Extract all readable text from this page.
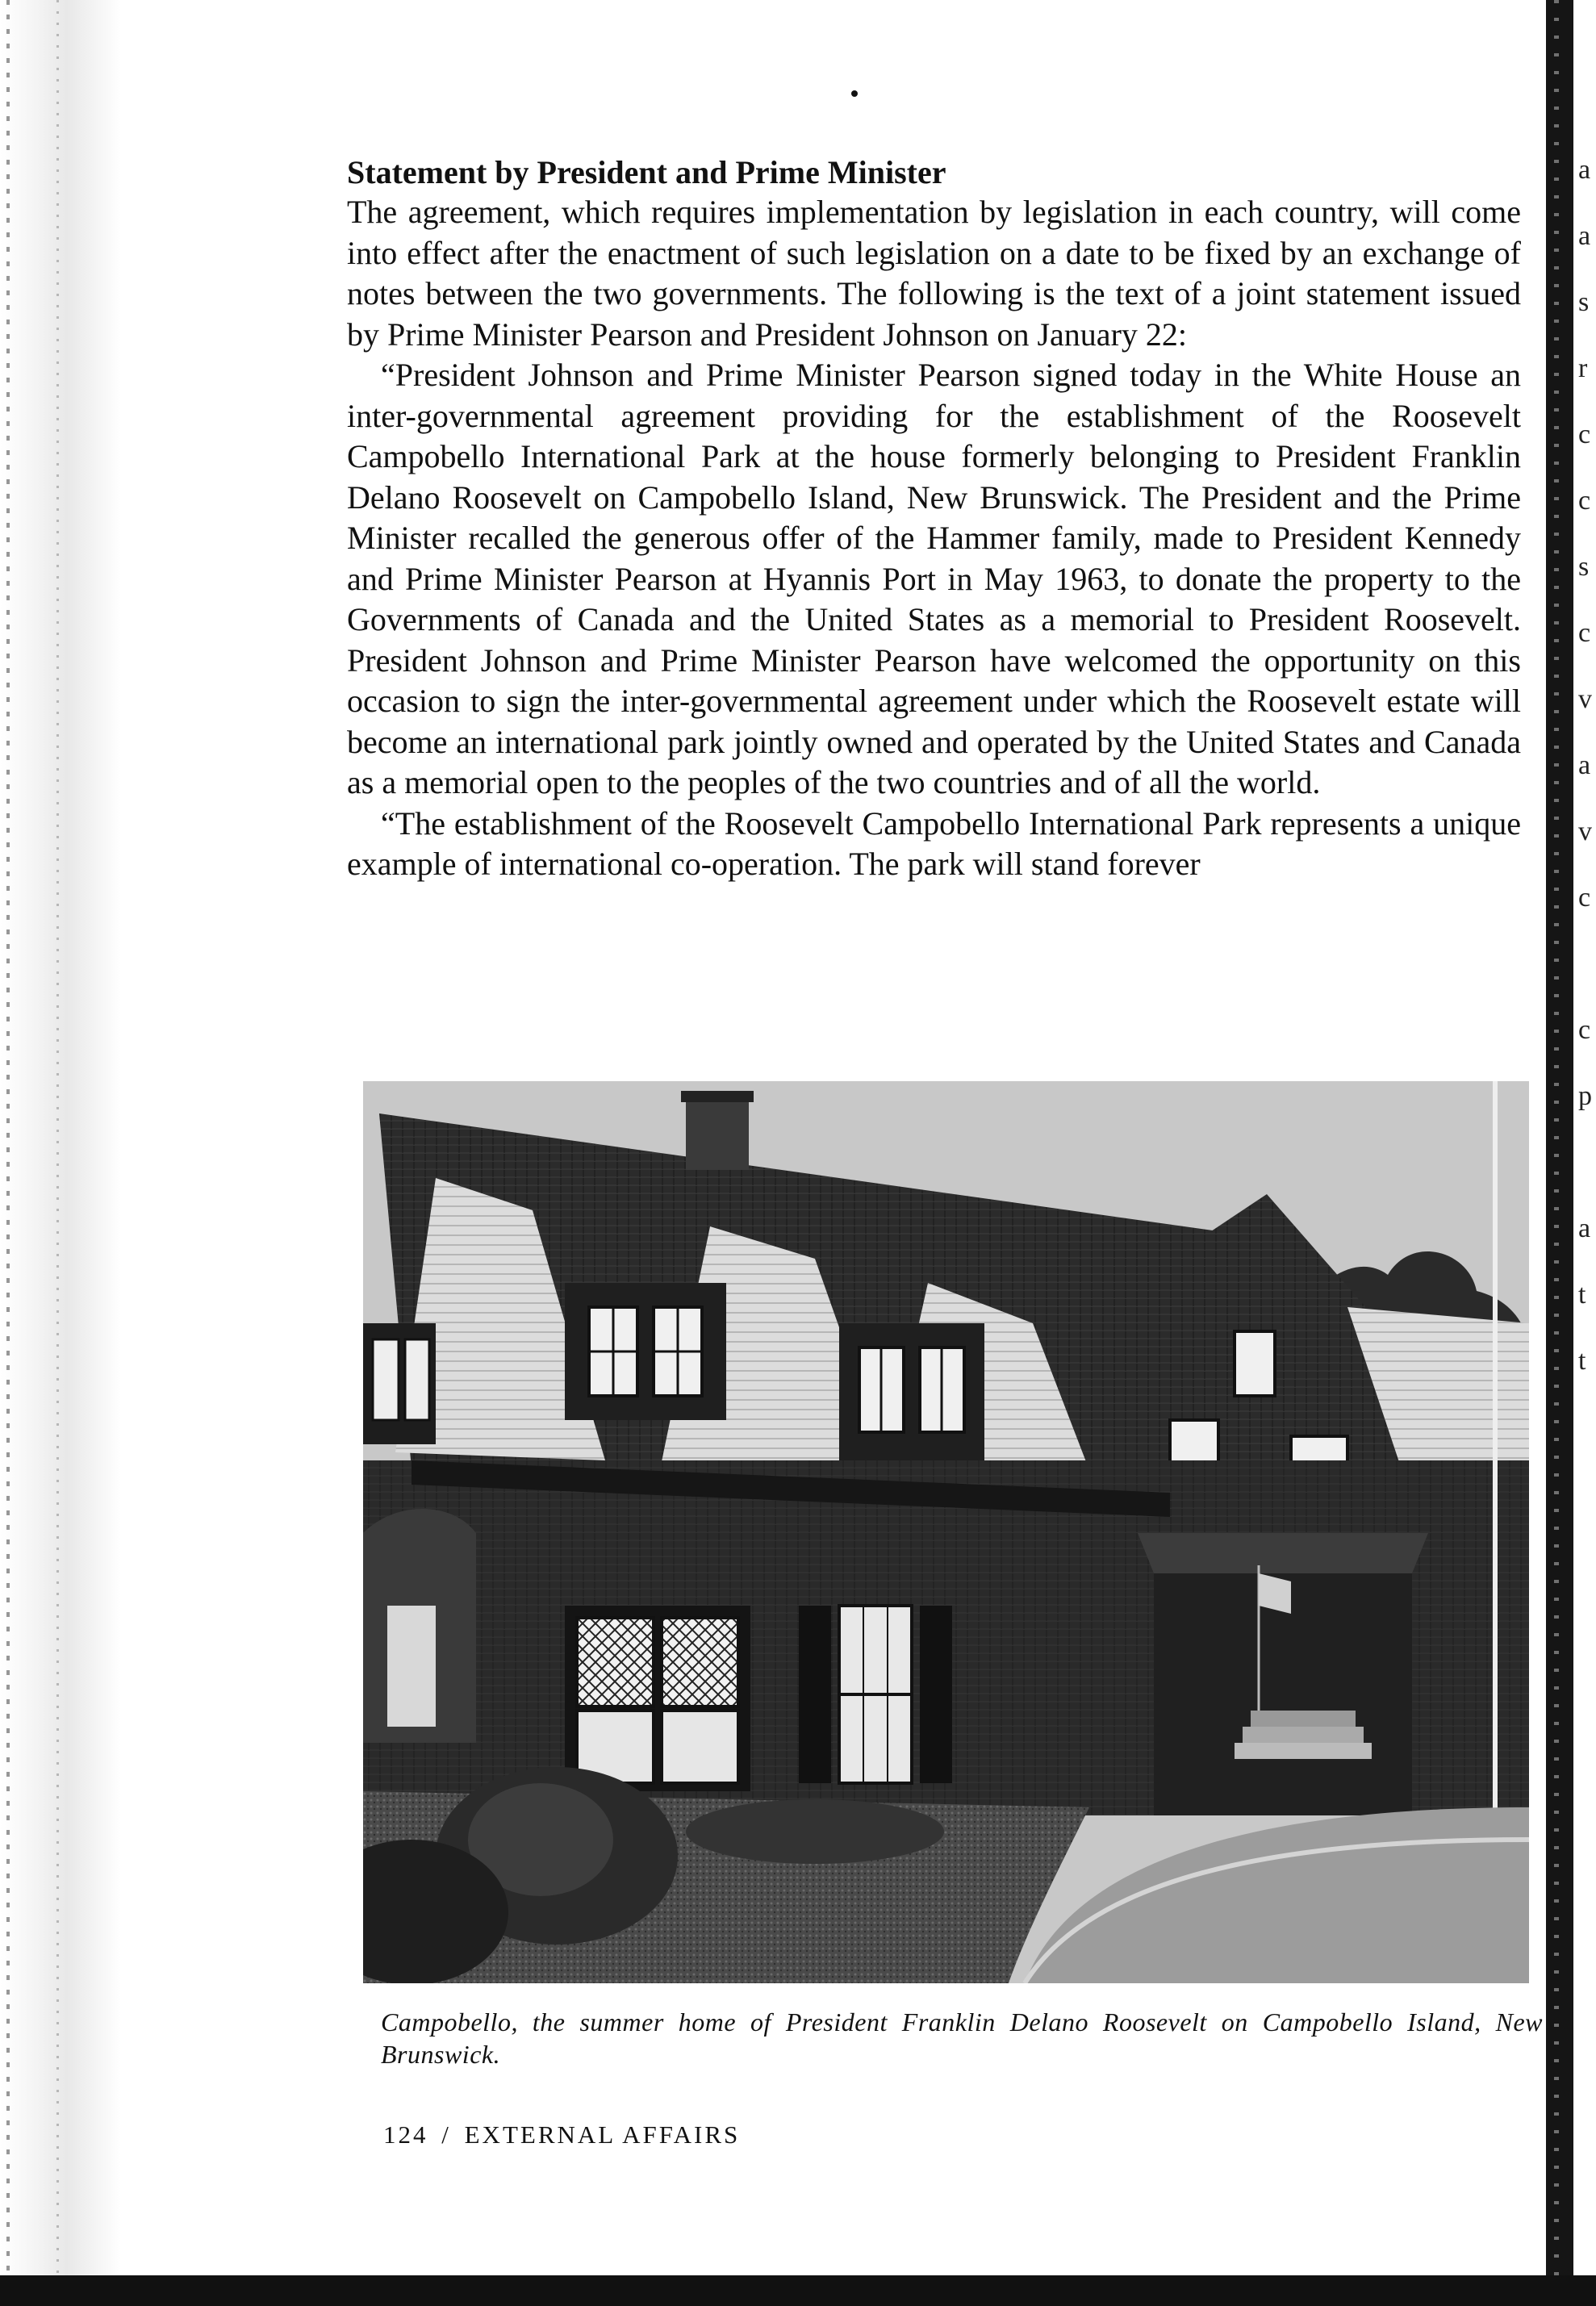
a
a
s
r
c
c
s
c
v
a
v
c
c
p
a
t
t
Statement by President and Prime Minister

The agreement, which requires implementation by legislation in each country, will come into effect after the enactment of such legislation on a date to be fixed by an exchange of notes between the two governments. The following is the text of a joint statement issued by Prime Minister Pearson and President Johnson on January 22:

“President Johnson and Prime Minister Pearson signed today in the White House an inter-governmental agreement providing for the establishment of the Roosevelt Campobello International Park at the house formerly belonging to President Franklin Delano Roosevelt on Campobello Island, New Brunswick. The President and the Prime Minister recalled the generous offer of the Hammer family, made to President Kennedy and Prime Minister Pearson at Hyannis Port in May 1963, to donate the property to the Governments of Canada and the United States as a memorial to President Roosevelt. President Johnson and Prime Minister Pearson have welcomed the opportunity on this occasion to sign the inter-governmental agreement under which the Roosevelt estate will become an international park jointly owned and operated by the United States and Canada as a memorial open to the peoples of the two countries and of all the world.

“The establishment of the Roosevelt Campobello International Park represents a unique example of international co-operation. The park will stand forever

Campobello, the summer home of President Franklin Delano Roosevelt on Campobello Island, New Brunswick.

124 / EXTERNAL AFFAIRS
